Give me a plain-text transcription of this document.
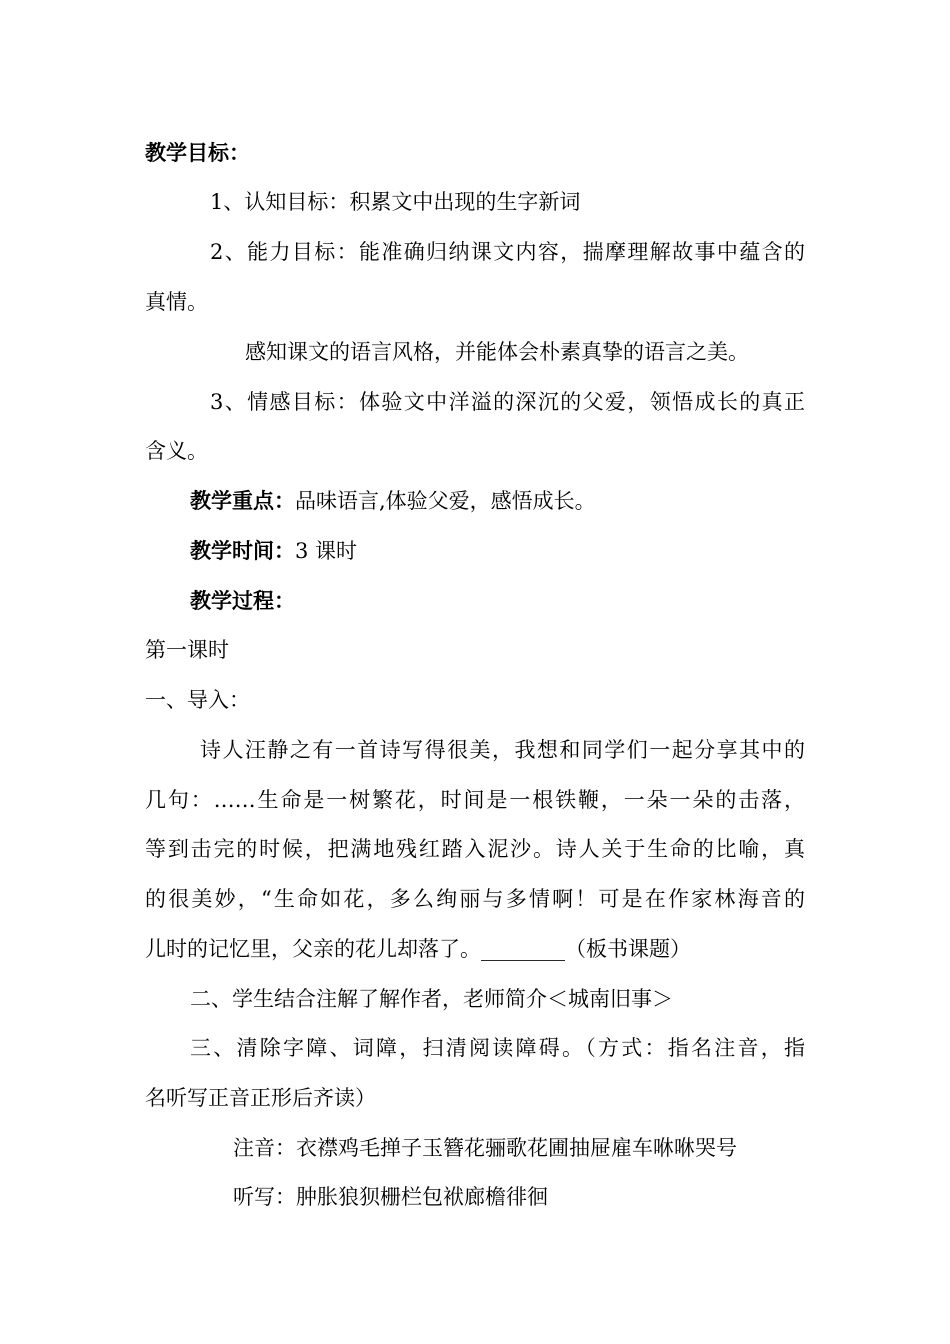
教学目标：
1、认知目标：积累文中出现的生字新词
2、能力目标：能准确归纳课文内容，揣摩理解故事中蕴含的
真情。
感知课文的语言风格，并能体会朴素真挚的语言之美。
3、情感目标：体验文中洋溢的深沉的父爱，领悟成长的真正
含义。
教学重点：品味语言,体验父爱，感悟成长。
教学时间：3 课时
教学过程：
第一课时
一、导入：
诗人汪静之有一首诗写得很美，我想和同学们一起分享其中的
几句：……生命是一树繁花，时间是一根铁鞭，一朵一朵的击落，
等到击完的时候，把满地残红踏入泥沙。诗人关于生命的比喻，真
的很美妙，“生命如花，多么绚丽与多情啊！可是在作家林海音的
儿时的记忆里，父亲的花儿却落了。________（板书课题）
二、学生结合注解了解作者，老师简介＜城南旧事＞
三、清除字障、词障，扫清阅读障碍。（方式：指名注音，指
名听写正音正形后齐读）
注音：衣襟鸡毛掸子玉簪花骊歌花圃抽屉雇车咻咻哭号
听写：肿胀狼狈栅栏包袱廊檐徘徊
